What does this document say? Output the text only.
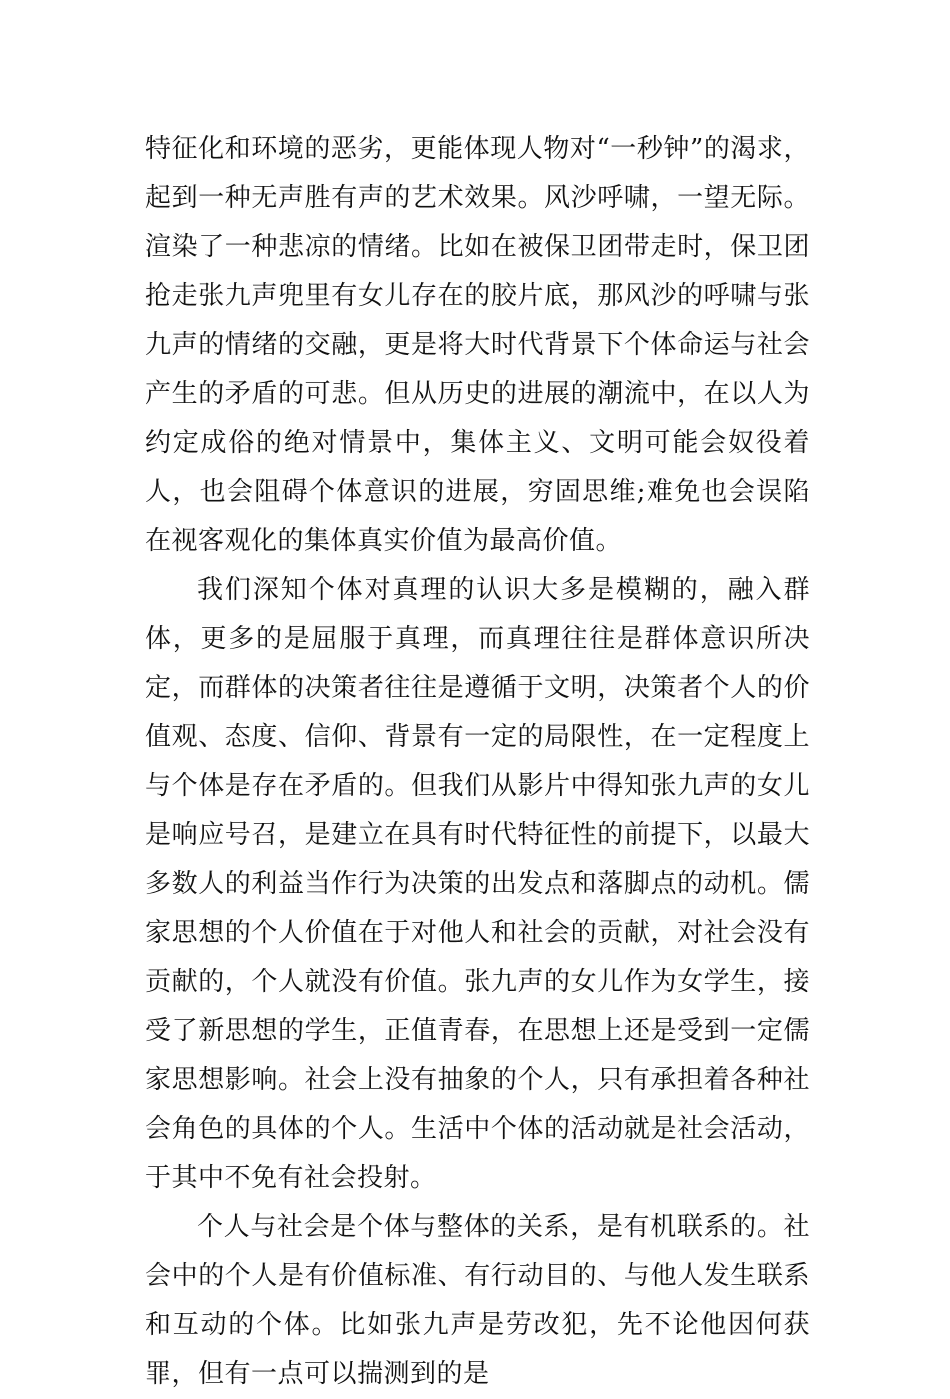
特征化和环境的恶劣，更能体现人物对“一秒钟”的渴求，起到一种无声胜有声的艺术效果。风沙呼啸，一望无际。渲染了一种悲凉的情绪。比如在被保卫团带走时，保卫团抢走张九声兜里有女儿存在的胶片底，那风沙的呼啸与张九声的情绪的交融，更是将大时代背景下个体命运与社会产生的矛盾的可悲。但从历史的进展的潮流中，在以人为约定成俗的绝对情景中，集体主义、文明可能会奴役着人，也会阻碍个体意识的进展，穷固思维;难免也会误陷在视客观化的集体真实价值为最高价值。

我们深知个体对真理的认识大多是模糊的，融入群体，更多的是屈服于真理，而真理往往是群体意识所决定，而群体的决策者往往是遵循于文明，决策者个人的价值观、态度、信仰、背景有一定的局限性，在一定程度上与个体是存在矛盾的。但我们从影片中得知张九声的女儿是响应号召，是建立在具有时代特征性的前提下，以最大多数人的利益当作行为决策的出发点和落脚点的动机。儒家思想的个人价值在于对他人和社会的贡献，对社会没有贡献的，个人就没有价值。张九声的女儿作为女学生，接受了新思想的学生，正值青春，在思想上还是受到一定儒家思想影响。社会上没有抽象的个人，只有承担着各种社会角色的具体的个人。生活中个体的活动就是社会活动，于其中不免有社会投射。

个人与社会是个体与整体的关系，是有机联系的。社会中的个人是有价值标准、有行动目的、与他人发生联系和互动的个体。比如张九声是劳改犯，先不论他因何获罪，但有一点可以揣测到的是
